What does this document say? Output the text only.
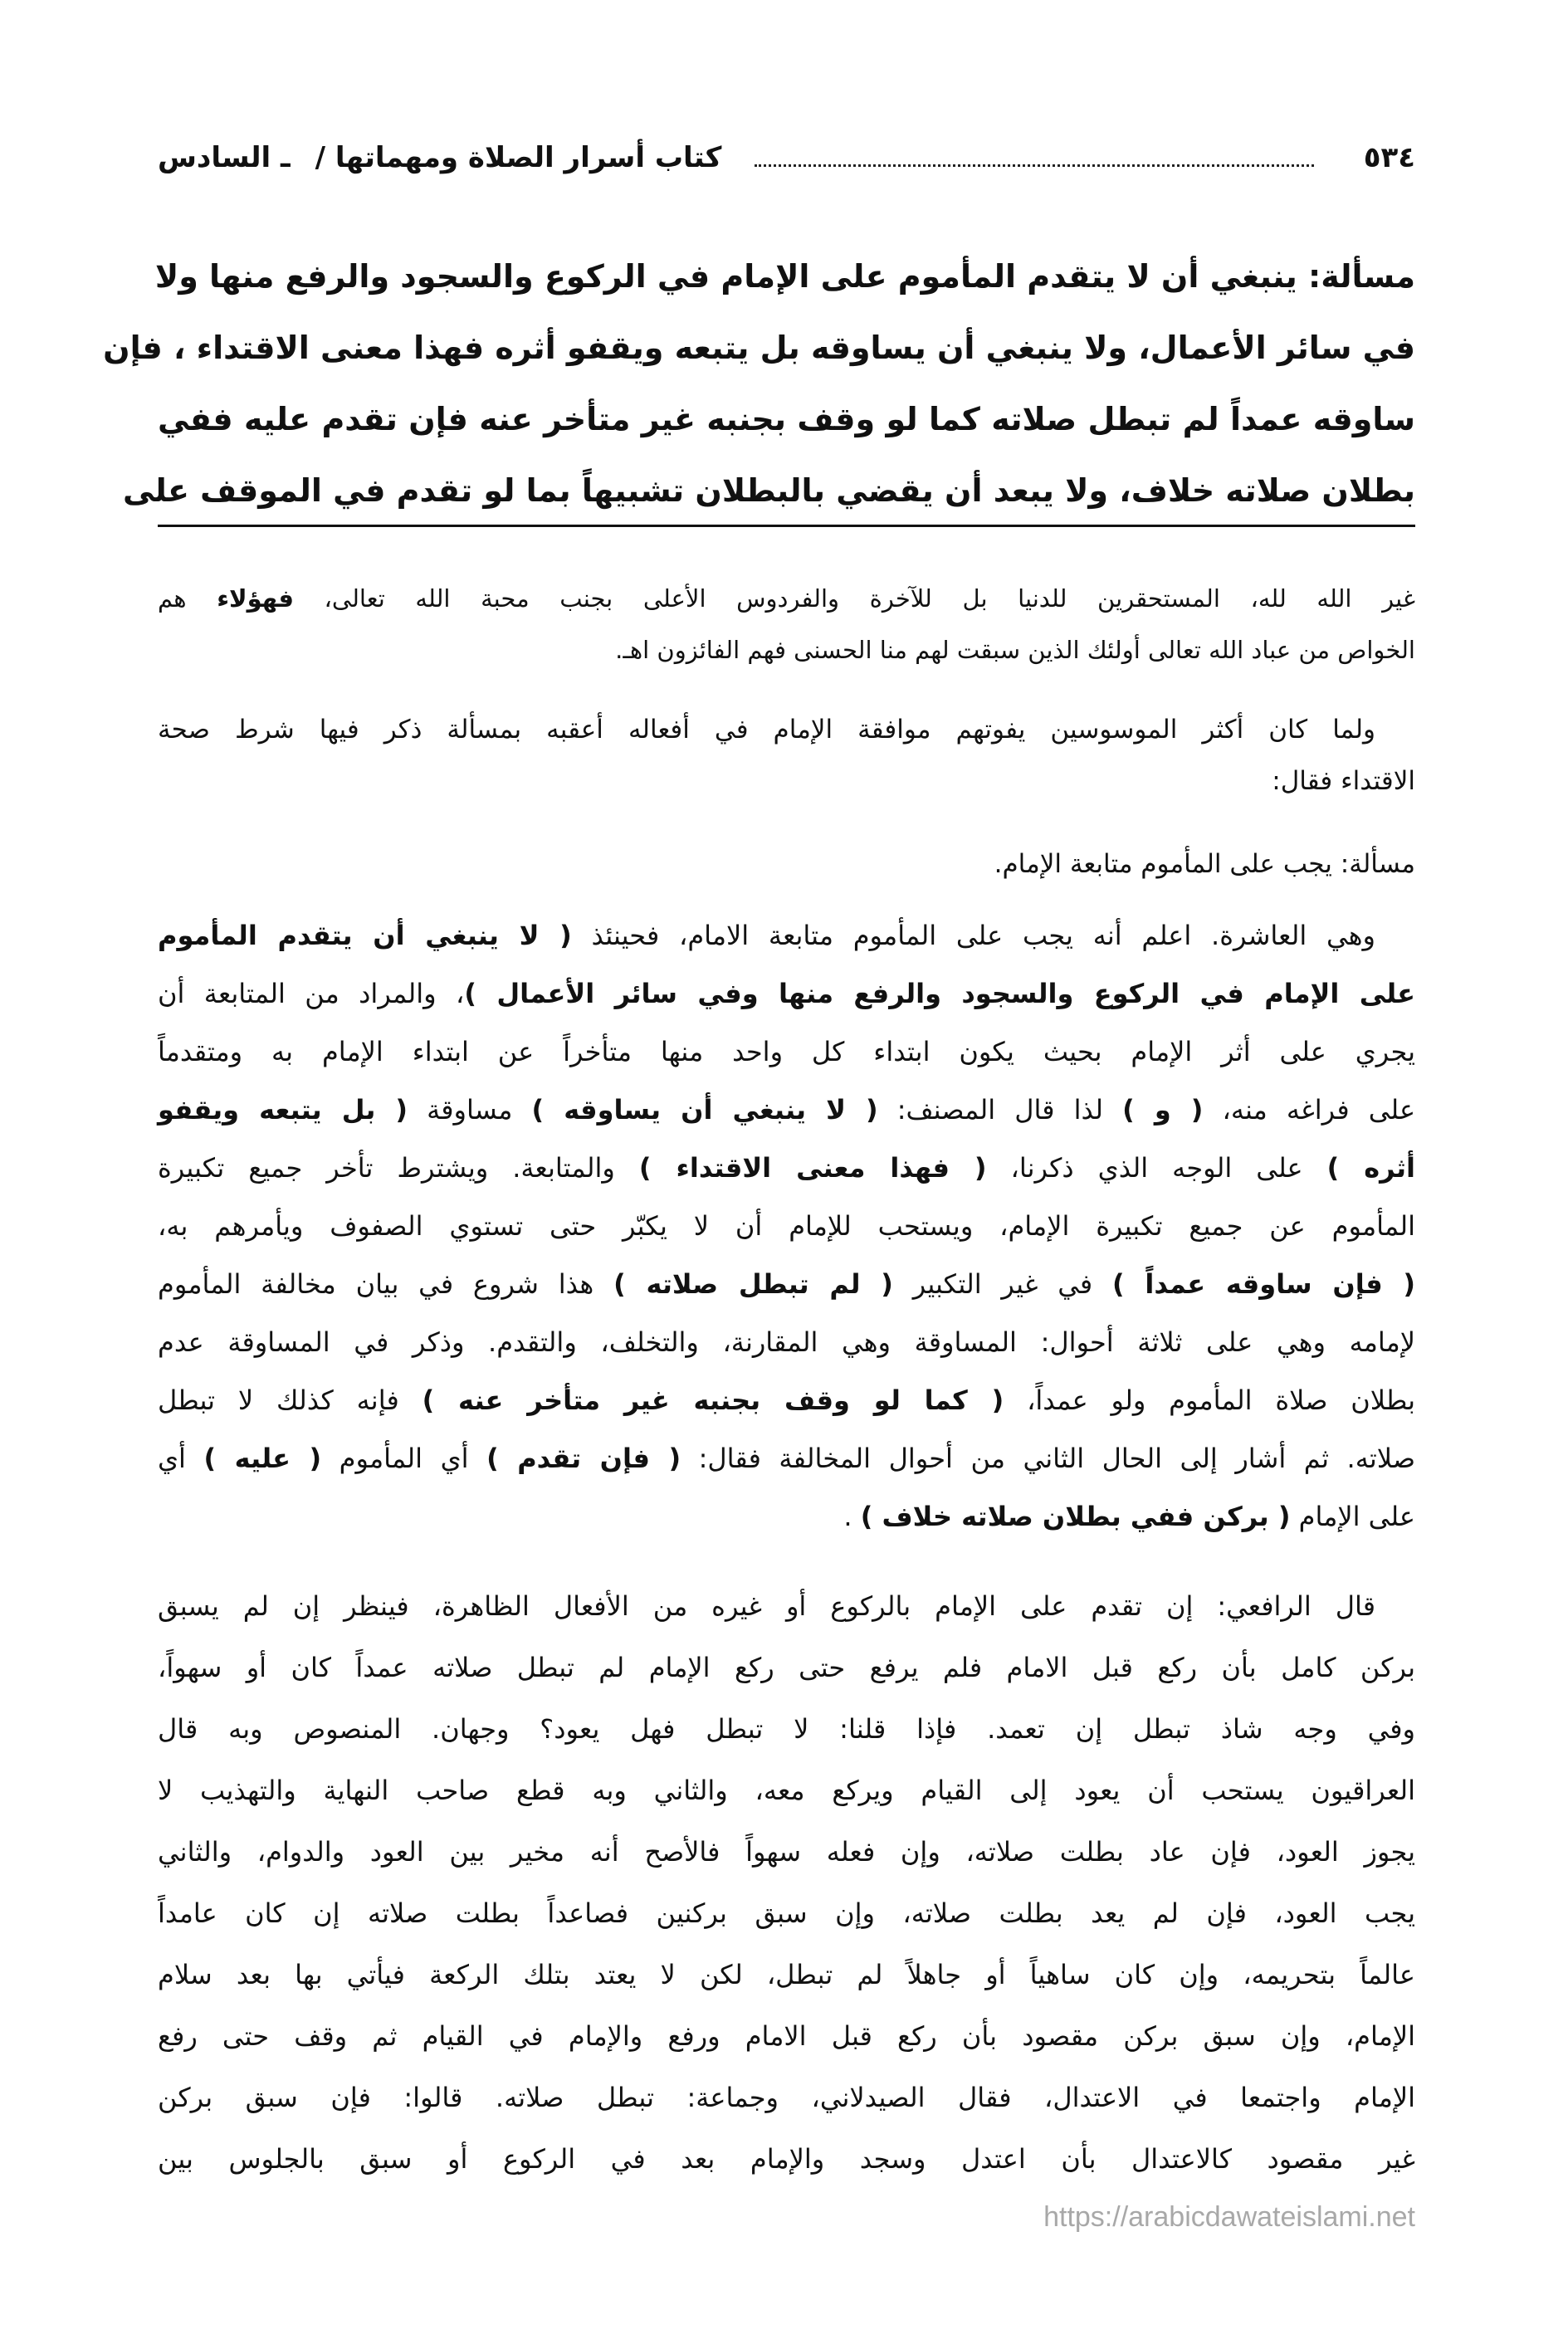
٥٣٤
كتاب أسرار الصلاة ومهماتها /
ـ السادس
مسألة: ينبغي أن لا يتقدم المأموم على الإمام في الركوع والسجود والرفع منها ولا
في سائر الأعمال، ولا ينبغي أن يساوقه بل يتبعه ويقفو أثره فهذا معنى الاقتداء ، فإن
ساوقه عمداً لم تبطل صلاته كما لو وقف بجنبه غير متأخر عنه فإن تقدم عليه ففي
بطلان صلاته خلاف، ولا يبعد أن يقضي بالبطلان تشبيهاً بما لو تقدم في الموقف على
غير الله لله، المستحقرين للدنيا بل للآخرة والفردوس الأعلى بجنب محبة الله تعالى، فهؤلاء هم
الخواص من عباد الله تعالى أولئك الذين سبقت لهم منا الحسنى فهم الفائزون اهـ.
ولما كان أكثر الموسوسين يفوتهم موافقة الإمام في أفعاله أعقبه بمسألة ذكر فيها شرط صحة
الاقتداء فقال:
مسألة: يجب على المأموم متابعة الإمام.
وهي العاشرة. اعلم أنه يجب على المأموم متابعة الامام، فحينئذ ( لا ينبغي أن يتقدم المأموم
على الإمام في الركوع والسجود والرفع منها وفي سائر الأعمال )، والمراد من المتابعة أن
يجري على أثر الإمام بحيث يكون ابتداء كل واحد منها متأخراً عن ابتداء الإمام به ومتقدماً
على فراغه منه، ( و ) لذا قال المصنف: ( لا ينبغي أن يساوقه ) مساوقة ( بل يتبعه ويقفو
أثره ) على الوجه الذي ذكرنا، ( فهذا معنى الاقتداء ) والمتابعة. ويشترط تأخر جميع تكبيرة
المأموم عن جميع تكبيرة الإمام، ويستحب للإمام أن لا يكبّر حتى تستوي الصفوف ويأمرهم به،
( فإن ساوقه عمداً ) في غير التكبير ( لم تبطل صلاته ) هذا شروع في بيان مخالفة المأموم
لإمامه وهي على ثلاثة أحوال: المساوقة وهي المقارنة، والتخلف، والتقدم. وذكر في المساوقة عدم
بطلان صلاة المأموم ولو عمداً، ( كما لو وقف بجنبه غير متأخر عنه ) فإنه كذلك لا تبطل
صلاته. ثم أشار إلى الحال الثاني من أحوال المخالفة فقال: ( فإن تقدم ) أي المأموم ( عليه ) أي
على الإمام ( بركن ففي بطلان صلاته خلاف ) .
قال الرافعي: إن تقدم على الإمام بالركوع أو غيره من الأفعال الظاهرة، فينظر إن لم يسبق
بركن كامل بأن ركع قبل الامام فلم يرفع حتى ركع الإمام لم تبطل صلاته عمداً كان أو سهواً،
وفي وجه شاذ تبطل إن تعمد. فإذا قلنا: لا تبطل فهل يعود؟ وجهان. المنصوص وبه قال
العراقيون يستحب أن يعود إلى القيام ويركع معه، والثاني وبه قطع صاحب النهاية والتهذيب لا
يجوز العود، فإن عاد بطلت صلاته، وإن فعله سهواً فالأصح أنه مخير بين العود والدوام، والثاني
يجب العود، فإن لم يعد بطلت صلاته، وإن سبق بركنين فصاعداً بطلت صلاته إن كان عامداً
عالماً بتحريمه، وإن كان ساهياً أو جاهلاً لم تبطل، لكن لا يعتد بتلك الركعة فيأتي بها بعد سلام
الإمام، وإن سبق بركن مقصود بأن ركع قبل الامام ورفع والإمام في القيام ثم وقف حتى رفع
الإمام واجتمعا في الاعتدال، فقال الصيدلاني، وجماعة: تبطل صلاته. قالوا: فإن سبق بركن
غير مقصود كالاعتدال بأن اعتدل وسجد والإمام بعد في الركوع أو سبق بالجلوس بين
https://arabicdawateislami.net
